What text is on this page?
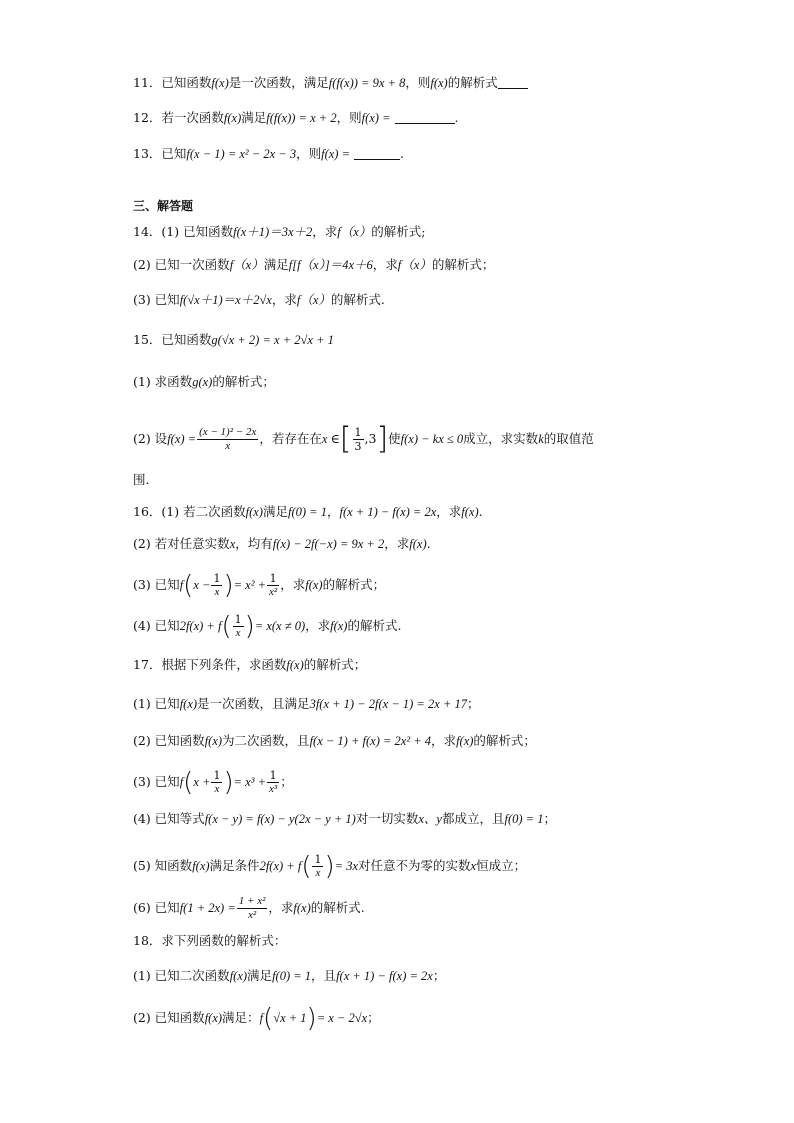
11．已知函数f(x)是一次函数，满足f(f(x)) = 9x + 8，则f(x)的解析式
12．若一次函数f(x)满足f(f(x)) = x + 2，则f(x) =	.
13．已知f(x − 1) = x² − 2x − 3，则f(x) =	.
三、解答题
14．(1) 已知函数f(x＋1)＝3x＋2，求f（x）的解析式;
(2) 已知一次函数f（x）满足f[f（x）]＝4x＋6，求f（x）的解析式；
(3) 已知f(√x＋1)＝x＋2√x，求f（x）的解析式.
15．已知函数g(√x + 2) = x + 2√x + 1
(1) 求函数g(x)的解析式；
(2) 设$f(x) = \frac{\text{(x − 1)² − 2x}}{x}$ ，若存在在x ∈[ $\frac{1}{3} ,3$]使f(x) − kx ≤ 0成立，求实数k的取值范
围.
16．(1) 若二次函数f(x)满足f(0) = 1，f(x + 1) − f(x) = 2x，求f(x).
(2) 若对任意实数x，均有f(x) − 2f(−x) = 9x + 2，求f(x).
(3) 已知$f(x - \frac{1}{x}$ )= $x^2 + \frac{1}{\text{x²}}$ ，求f(x)的解析式；
(4) 已知$2f(x) + f( \frac{1}{x}$ )= x(x ≠ 0)，求f(x)的解析式.
17．根据下列条件，求函数f(x)的解析式；
(1) 已知f(x)是一次函数，且满足3f(x + 1) − 2f(x − 1) = 2x + 17；
(2) 已知函数f(x)为二次函数，且f(x − 1) + f(x) = 2x² + 4，求f(x)的解析式；
(3) 已知$f(x + \frac{1}{x}$ )= $x^3 + \frac{1}{\text{x³}}$ ；
(4) 已知等式f(x − y) = f(x) − y(2x − y + 1)对一切实数x、y都成立，且f(0) = 1；
(5) 知函数f(x)满足条件$2f(x) + f( \frac{1}{x}$ )= 3x对任意不为零的实数x恒成立；
(6) 已知$f(1 + 2x) = \frac{\text{1 + x²}}{\text{x²}}$ ，求f(x)的解析式.
18．求下列函数的解析式：
(1) 已知二次函数f(x)满足f(0) = 1，且f(x + 1) − f(x) = 2x；
(2) 已知函数f(x)满足：f(√x + 1)= x − 2√x；
